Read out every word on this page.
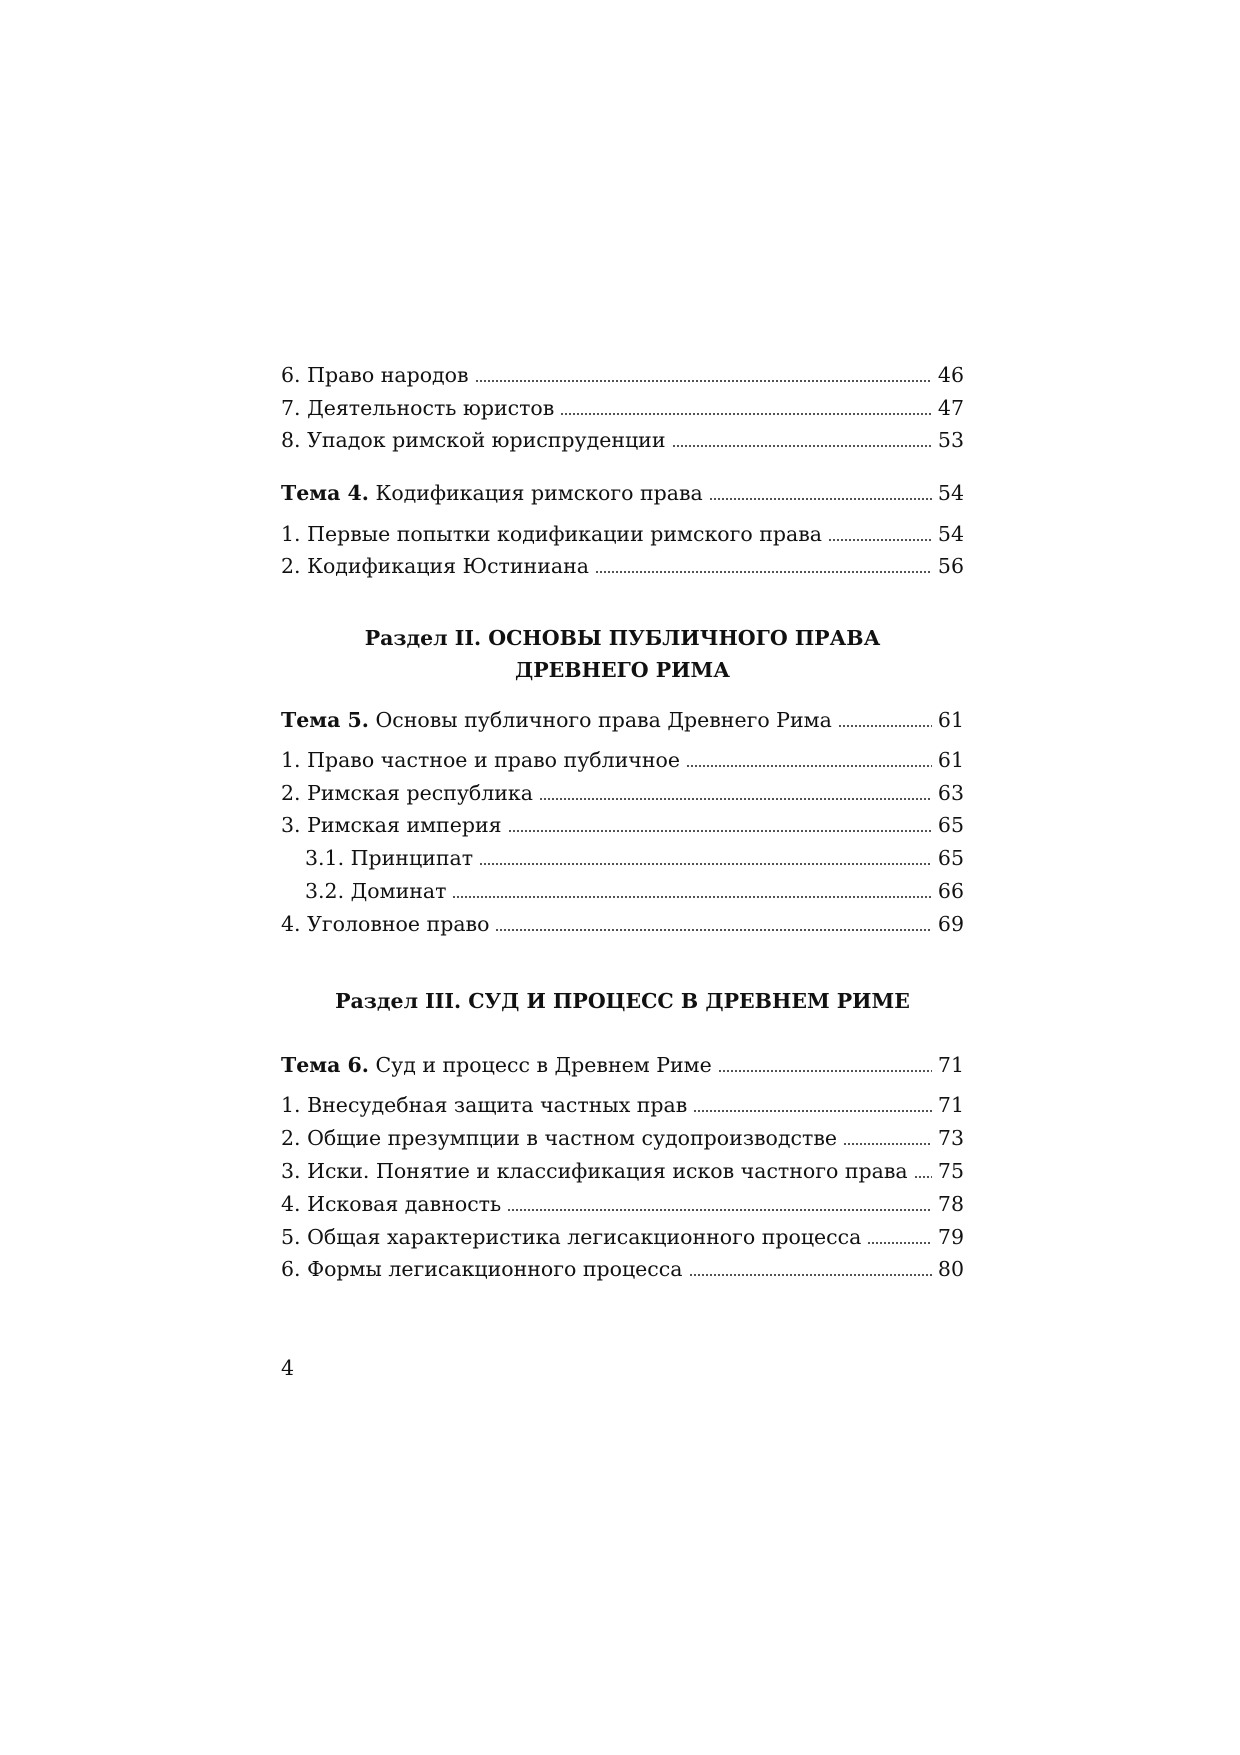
6. Право народов	46
7. Деятельность юристов	47
8. Упадок римской юриспруденции	53
Тема 4. Кодификация римского права	54
1. Первые попытки кодификации римского права	54
2. Кодификация Юстиниана	56
Раздел II. ОСНОВЫ ПУБЛИЧНОГО ПРАВА
ДРЕВНЕГО РИМА
Тема 5. Основы публичного права Древнего Рима	61
1. Право частное и право публичное	61
2. Римская республика	63
3. Римская империя	65
3.1. Принципат	65
3.2. Доминат	66
4. Уголовное право	69
Раздел III. СУД И ПРОЦЕСС В ДРЕВНЕМ РИМЕ
Тема 6. Суд и процесс в Древнем Риме	71
1. Внесудебная защита частных прав	71
2. Общие презумпции в частном судопроизводстве	73
3. Иски. Понятие и классификация исков частного права 75
4. Исковая давность	78
5. Общая характеристика легисакционного процесса	79
6. Формы легисакционного процесса	80
4
